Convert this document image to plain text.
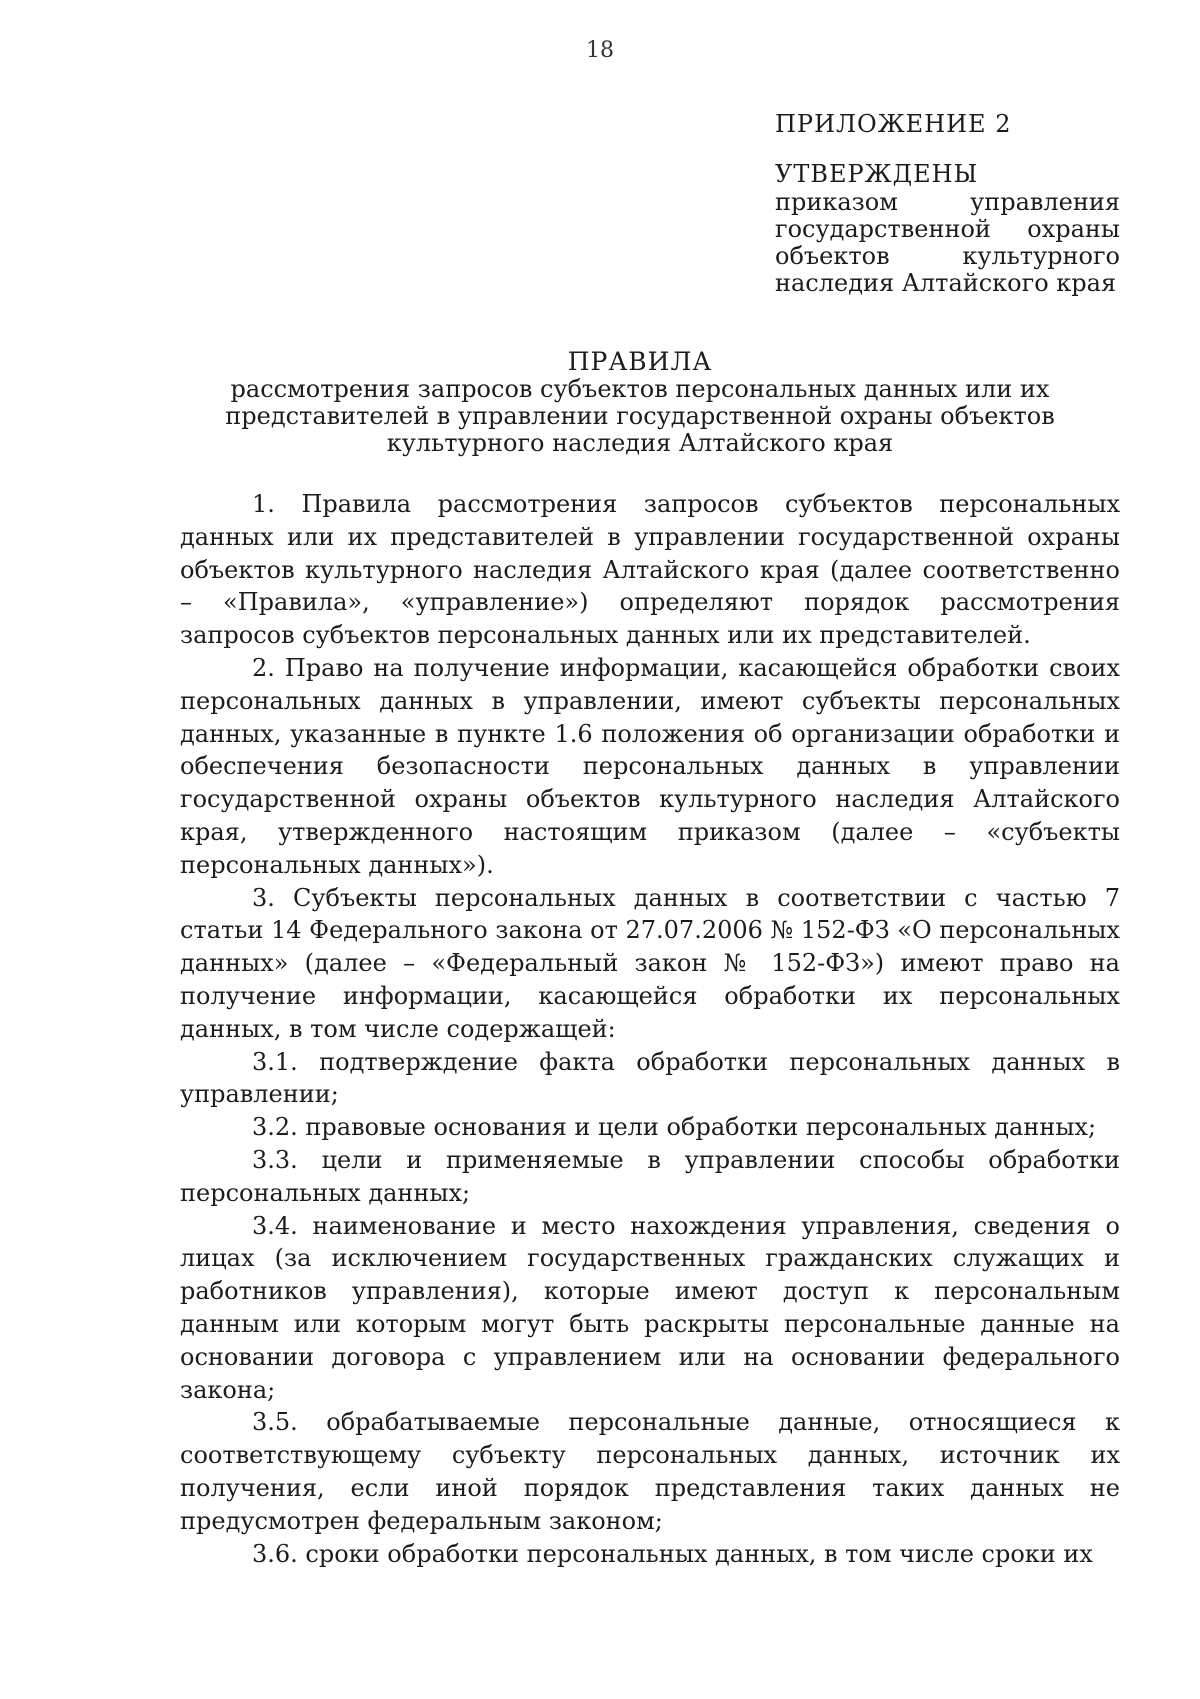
18
ПРИЛОЖЕНИЕ 2
УТВЕРЖДЕНЫ
приказом управления государственной охраны объектов культурного наследия Алтайского края
ПРАВИЛА
рассмотрения запросов субъектов персональных данных или их представителей в управлении государственной охраны объектов культурного наследия Алтайского края

1. Правила рассмотрения запросов субъектов персональных данных или их представителей в управлении государственной охраны объектов культурного наследия Алтайского края (далее соответственно – «Правила», «управление») определяют порядок рассмотрения запросов субъектов персональных данных или их представителей.

2. Право на получение информации, касающейся обработки своих персональных данных в управлении, имеют субъекты персональных данных, указанные в пункте 1.6 положения об организации обработки и обеспечения безопасности персональных данных в управлении государственной охраны объектов культурного наследия Алтайского края, утвержденного настоящим приказом (далее – «субъекты персональных данных»).

3. Субъекты персональных данных в соответствии с частью 7 статьи 14 Федерального закона от 27.07.2006 № 152-ФЗ «О персональных данных» (далее – «Федеральный закон № 152-ФЗ») имеют право на получение информации, касающейся обработки их персональных данных, в том числе содержащей:

3.1. подтверждение факта обработки персональных данных в управлении;

3.2. правовые основания и цели обработки персональных данных;

3.3. цели и применяемые в управлении способы обработки персональных данных;

3.4. наименование и место нахождения управления, сведения о лицах (за исключением государственных гражданских служащих и работников управления), которые имеют доступ к персональным данным или которым могут быть раскрыты персональные данные на основании договора с управлением или на основании федерального закона;

3.5. обрабатываемые персональные данные, относящиеся к соответствующему субъекту персональных данных, источник их получения, если иной порядок представления таких данных не предусмотрен федеральным законом;

3.6. сроки обработки персональных данных, в том числе сроки их
